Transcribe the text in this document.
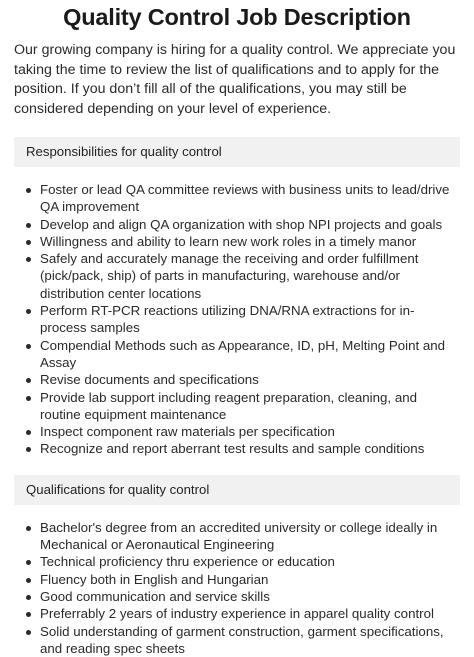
Quality Control Job Description

Our growing company is hiring for a quality control. We appreciate you taking the time to review the list of qualifications and to apply for the position. If you don’t fill all of the qualifications, you may still be considered depending on your level of experience.

Responsibilities for quality control
Foster or lead QA committee reviews with business units to lead/drive QA improvement
Develop and align QA organization with shop NPI projects and goals
Willingness and ability to learn new work roles in a timely manor
Safely and accurately manage the receiving and order fulfillment (pick/pack, ship) of parts in manufacturing, warehouse and/or distribution center locations
Perform RT-PCR reactions utilizing DNA/RNA extractions for in-process samples
Compendial Methods such as Appearance, ID, pH, Melting Point and Assay
Revise documents and specifications
Provide lab support including reagent preparation, cleaning, and routine equipment maintenance
Inspect component raw materials per specification
Recognize and report aberrant test results and sample conditions
Qualifications for quality control
Bachelor's degree from an accredited university or college ideally in Mechanical or Aeronautical Engineering
Technical proficiency thru experience or education
Fluency both in English and Hungarian
Good communication and service skills
Preferrably 2 years of industry experience in apparel quality control
Solid understanding of garment construction, garment specifications, and reading spec sheets
